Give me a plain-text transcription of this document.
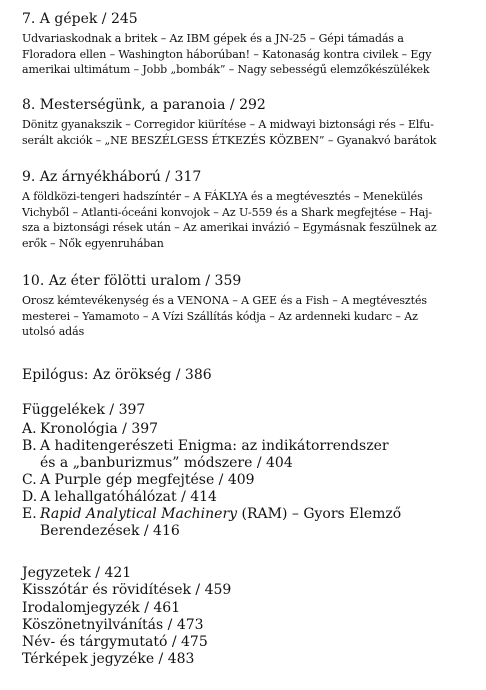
7. A gépek / 245
Udvariaskodnak a britek – Az IBM gépek és a JN-25 – Gépi támadás a
Floradora ellen – Washington háborúban! – Katonaság kontra civilek – Egy
amerikai ultimátum – Jobb „bombák” – Nagy sebességű elemzőkészülékek
8. Mesterségünk, a paranoia / 292
Dönitz gyanakszik – Corregidor kiürítése – A midwayi biztonsági rés – Elfu-
serált akciók – „NE BESZÉLGESS ÉTKEZÉS KÖZBEN” – Gyanakvó barátok
9. Az árnyékháború / 317
A földközi-tengeri hadszíntér – A FÁKLYA és a megtévesztés – Menekülés
Vichyből – Atlanti-óceáni konvojok – Az U-559 és a Shark megfejtése – Haj-
sza a biztonsági rések után – Az amerikai invázió – Egymásnak feszülnek az
erők – Nők egyenruhában
10. Az éter fölötti uralom / 359
Orosz kémtevékenység és a VENONA – A GEE és a Fish – A megtévesztés
mesterei – Yamamoto – A Vízi Szállítás kódja – Az ardenneki kudarc – Az
utolsó adás
Epilógus: Az örökség / 386
Függelékek / 397
A. Kronológia / 397
B. A haditengerészeti Enigma: az indikátorrendszer
és a „banburizmus” módszere / 404
C. A Purple gép megfejtése / 409
D. A lehallgatóhálózat / 414
E. Rapid Analytical Machinery (RAM) – Gyors Elemző
Berendezések / 416
Jegyzetek / 421
Kisszótár és rövidítések / 459
Irodalomjegyzék / 461
Köszönetnyilvánítás / 473
Név- és tárgymutató / 475
Térképek jegyzéke / 483
